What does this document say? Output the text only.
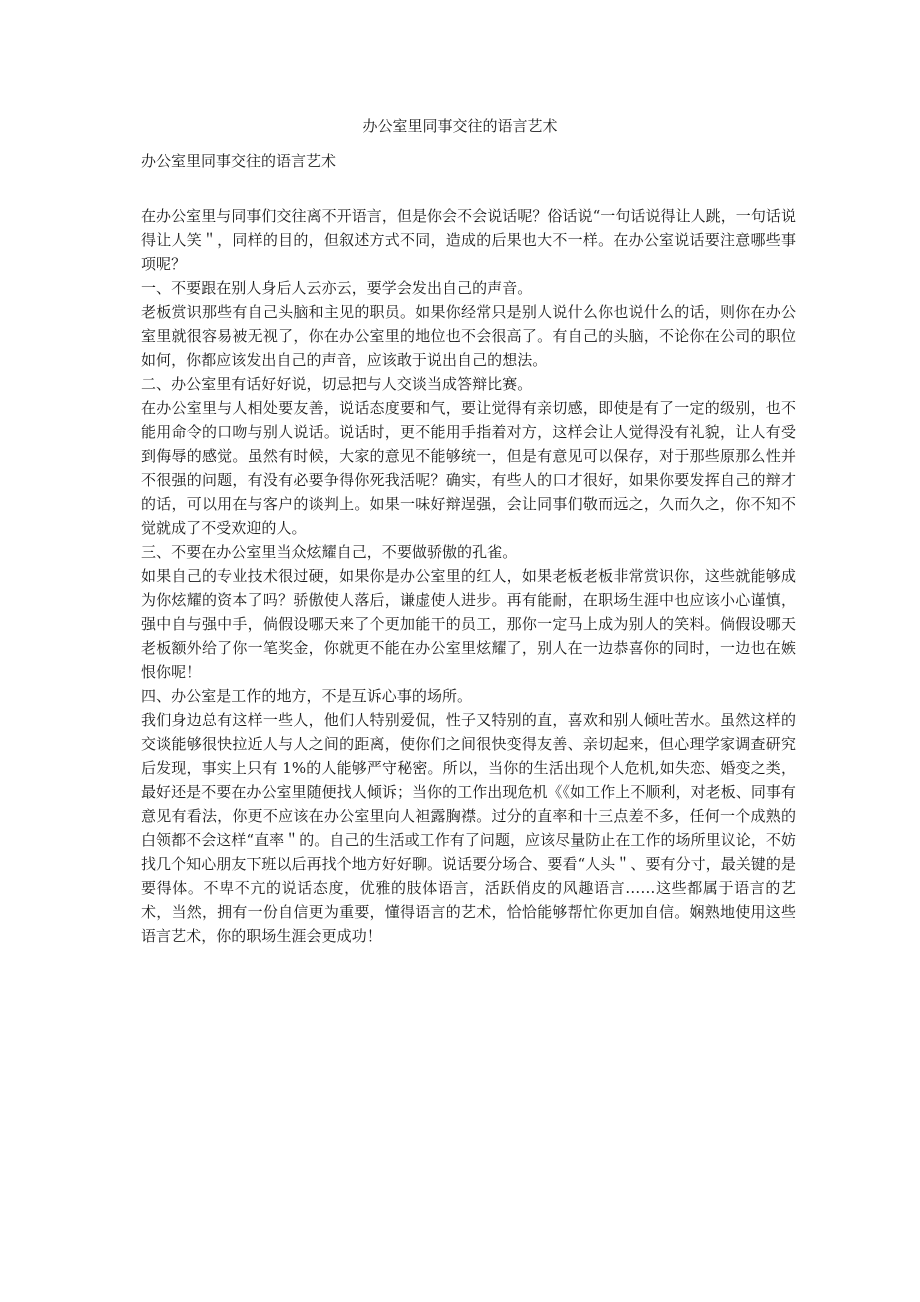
办公室里同事交往的语言艺术
办公室里同事交往的语言艺术

在办公室里与同事们交往离不开语言，但是你会不会说话呢？俗话说“一句话说得让人跳，一句话说得让人笑＂，同样的目的，但叙述方式不同，造成的后果也大不一样。在办公室说话要注意哪些事项呢？

一、不要跟在别人身后人云亦云，要学会发出自己的声音。

老板赏识那些有自己头脑和主见的职员。如果你经常只是别人说什么你也说什么的话，则你在办公室里就很容易被无视了，你在办公室里的地位也不会很高了。有自己的头脑，不论你在公司的职位如何，你都应该发出自己的声音，应该敢于说出自己的想法。

二、办公室里有话好好说，切忌把与人交谈当成答辩比赛。

在办公室里与人相处要友善，说话态度要和气，要让觉得有亲切感，即使是有了一定的级别，也不能用命令的口吻与别人说话。说话时，更不能用手指着对方，这样会让人觉得没有礼貌，让人有受到侮辱的感觉。虽然有时候，大家的意见不能够统一，但是有意见可以保存，对于那些原那么性并不很强的问题，有没有必要争得你死我活呢？确实，有些人的口才很好，如果你要发挥自己的辩才的话，可以用在与客户的谈判上。如果一味好辩逞强，会让同事们敬而远之，久而久之，你不知不觉就成了不受欢迎的人。

三、不要在办公室里当众炫耀自己，不要做骄傲的孔雀。

如果自己的专业技术很过硬，如果你是办公室里的红人，如果老板老板非常赏识你，这些就能够成为你炫耀的资本了吗？骄傲使人落后，谦虚使人进步。再有能耐，在职场生涯中也应该小心谨慎，强中自与强中手，倘假设哪天来了个更加能干的员工，那你一定马上成为别人的笑料。倘假设哪天老板额外给了你一笔奖金，你就更不能在办公室里炫耀了，别人在一边恭喜你的同时，一边也在嫉恨你呢！

四、办公室是工作的地方，不是互诉心事的场所。

我们身边总有这样一些人，他们人特别爱侃，性子又特别的直，喜欢和别人倾吐苦水。虽然这样的交谈能够很快拉近人与人之间的距离，使你们之间很快变得友善、亲切起来，但心理学家调查研究后发现，事实上只有 1%的人能够严守秘密。所以，当你的生活出现个人危机,如失恋、婚变之类，最好还是不要在办公室里随便找人倾诉；当你的工作出现危机《《如工作上不顺利，对老板、同事有意见有看法，你更不应该在办公室里向人袒露胸襟。过分的直率和十三点差不多，任何一个成熟的白领都不会这样“直率＂的。自己的生活或工作有了问题，应该尽量防止在工作的场所里议论，不妨找几个知心朋友下班以后再找个地方好好聊。说话要分场合、要看“人头＂、要有分寸，最关键的是要得体。不卑不亢的说话态度，优雅的肢体语言，活跃俏皮的风趣语言……这些都属于语言的艺术，当然，拥有一份自信更为重要，懂得语言的艺术，恰恰能够帮忙你更加自信。娴熟地使用这些语言艺术，你的职场生涯会更成功！
